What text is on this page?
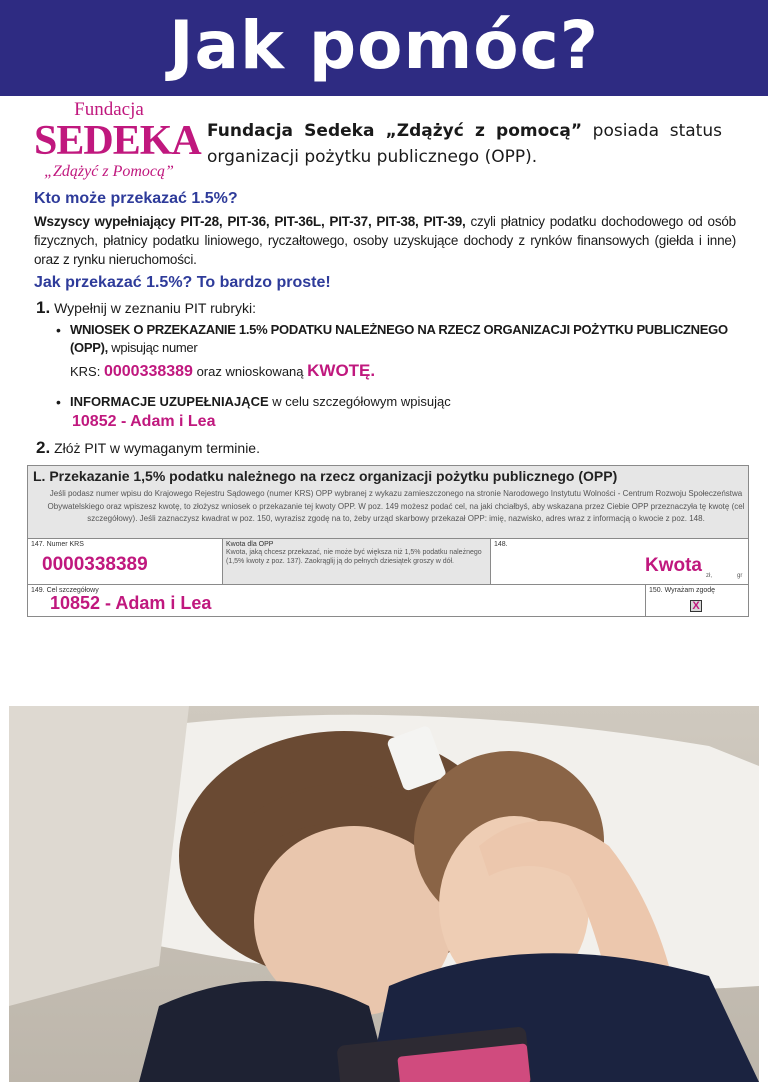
Jak pomóc?
Fundacja
SEDEKA
„Zdążyć z Pomocą”
Fundacja Sedeka „Zdążyć z pomocą” posiada status organizacji pożytku publicznego (OPP).
Kto może przekazać 1.5%?
Wszyscy wypełniający PIT-28, PIT-36, PIT-36L, PIT-37, PIT-38, PIT-39, czyli płatnicy podatku dochodowego od osób fizycznych, płatnicy podatku liniowego, ryczałtowego, osoby uzyskujące dochody z rynków finansowych (giełda i inne) oraz z rynku nieruchomości.
Jak przekazać 1.5%? To bardzo proste!
1. Wypełnij w zeznaniu PIT rubryki:
• WNIOSEK O PRZEKAZANIE 1.5% PODATKU NALEŻNEGO NA RZECZ ORGANIZACJI POŻYTKU PUBLICZNEGO (OPP), wpisując numer
KRS: 0000338389 oraz wnioskowaną KWOTĘ.
• INFORMACJE UZUPEŁNIAJĄCE w celu szczegółowym wpisując
10852 - Adam i Lea
2. Złóż PIT w wymaganym terminie.
L. Przekazanie 1,5% podatku należnego na rzecz organizacji pożytku publicznego (OPP)
Jeśli podasz numer wpisu do Krajowego Rejestru Sądowego (numer KRS) OPP wybranej z wykazu zamieszczonego na stronie Narodowego Instytutu Wolności - Centrum Rozwoju Społeczeństwa Obywatelskiego oraz wpiszesz kwotę, to złożysz wniosek o przekazanie tej kwoty OPP. W poz. 149 możesz podać cel, na jaki chciałbyś, aby wskazana przez Ciebie OPP przeznaczyła tę kwotę (cel szczegółowy). Jeśli zaznaczysz kwadrat w poz. 150, wyrazisz zgodę na to, żeby urząd skarbowy przekazał OPP: imię, nazwisko, adres wraz z informacją o kwocie z poz. 148.
147. Numer KRS
0000338389
Kwota dla OPP
Kwota, jaką chcesz przekazać, nie może być większa niż 1,5% podatku należnego (1,5% kwoty z poz. 137). Zaokrąglij ją do pełnych dziesiątek groszy w dół.
148.
Kwota zł,	gr
149. Cel szczegółowy
10852 - Adam i Lea
150. Wyrażam zgodę
X
